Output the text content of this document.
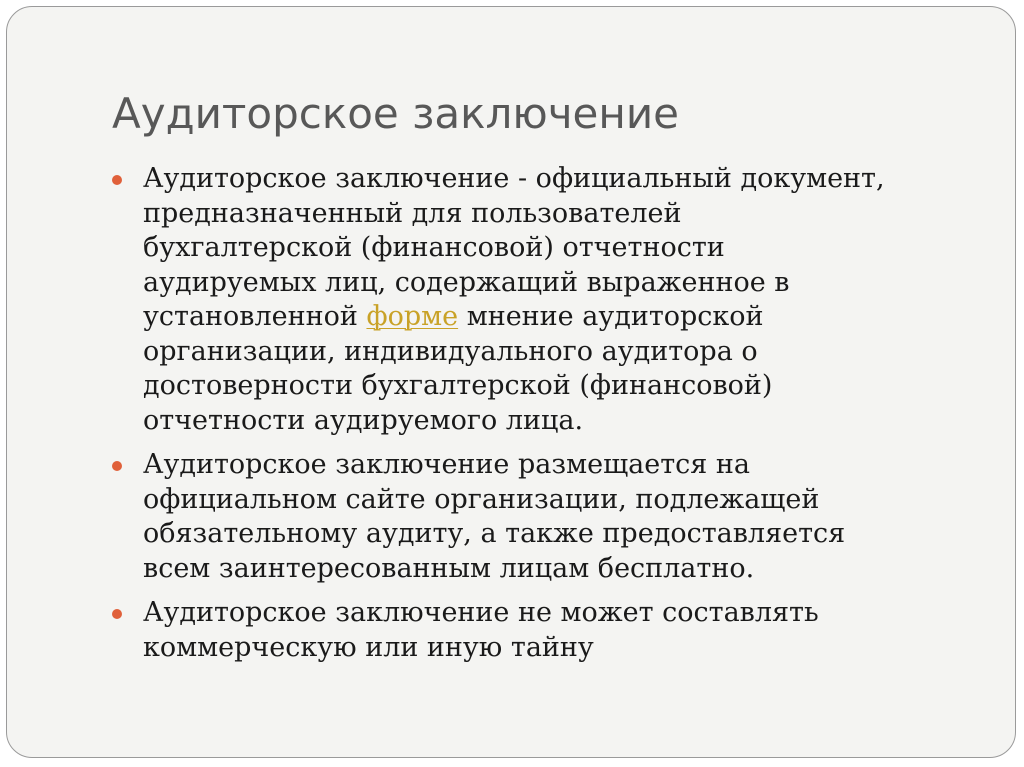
Аудиторское заключение
Аудиторское заключение - официальный документ,
предназначенный для пользователей
бухгалтерской (финансовой) отчетности
аудируемых лиц, содержащий выраженное в
установленной форме мнение аудиторской
организации, индивидуального аудитора о
достоверности бухгалтерской (финансовой)
отчетности аудируемого лица.
Аудиторское заключение размещается на
официальном сайте организации, подлежащей
обязательному аудиту, а также предоставляется
всем заинтересованным лицам бесплатно.
Аудиторское заключение не может составлять
коммерческую или иную тайну
